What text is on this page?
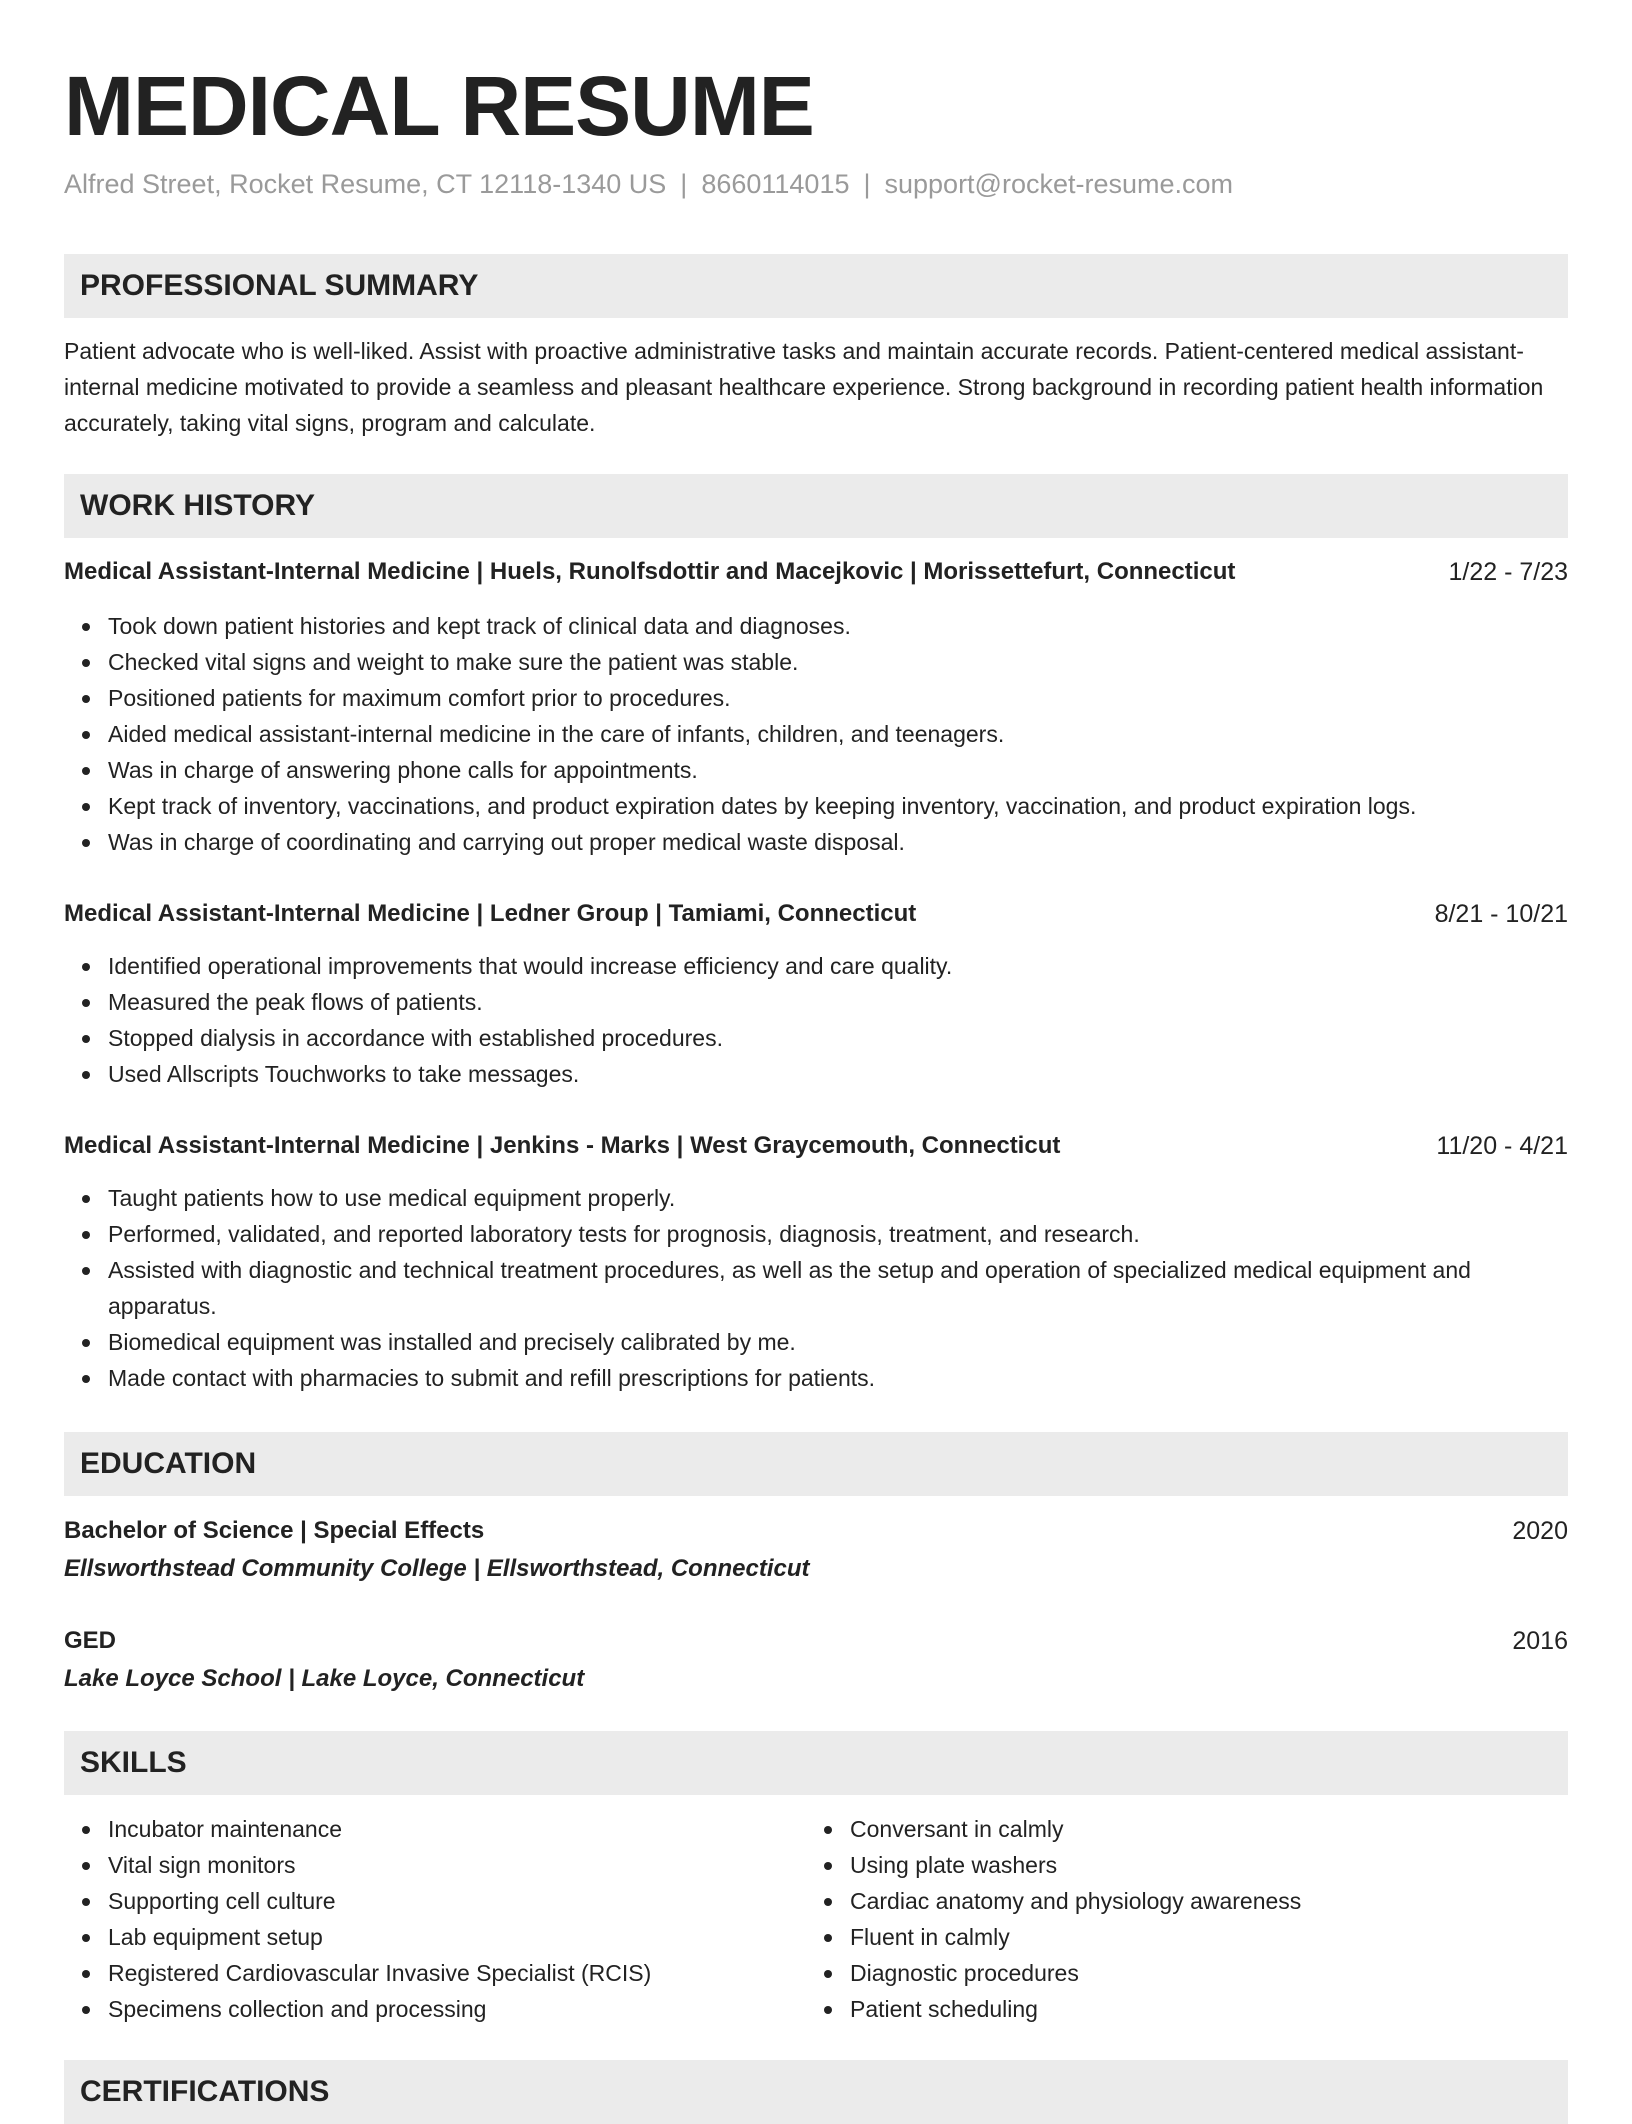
MEDICAL RESUME
Alfred Street, Rocket Resume, CT 12118-1340 US | 8660114015 | support@rocket-resume.com
PROFESSIONAL SUMMARY
Patient advocate who is well-liked. Assist with proactive administrative tasks and maintain accurate records. Patient-centered medical assistant-internal medicine motivated to provide a seamless and pleasant healthcare experience. Strong background in recording patient health information accurately, taking vital signs, program and calculate.
WORK HISTORY
Medical Assistant-Internal Medicine | Huels, Runolfsdottir and Macejkovic | Morissettefurt, Connecticut	1/22 - 7/23
Took down patient histories and kept track of clinical data and diagnoses.
Checked vital signs and weight to make sure the patient was stable.
Positioned patients for maximum comfort prior to procedures.
Aided medical assistant-internal medicine in the care of infants, children, and teenagers.
Was in charge of answering phone calls for appointments.
Kept track of inventory, vaccinations, and product expiration dates by keeping inventory, vaccination, and product expiration logs.
Was in charge of coordinating and carrying out proper medical waste disposal.
Medical Assistant-Internal Medicine | Ledner Group | Tamiami, Connecticut	8/21 - 10/21
Identified operational improvements that would increase efficiency and care quality.
Measured the peak flows of patients.
Stopped dialysis in accordance with established procedures.
Used Allscripts Touchworks to take messages.
Medical Assistant-Internal Medicine | Jenkins - Marks | West Graycemouth, Connecticut	11/20 - 4/21
Taught patients how to use medical equipment properly.
Performed, validated, and reported laboratory tests for prognosis, diagnosis, treatment, and research.
Assisted with diagnostic and technical treatment procedures, as well as the setup and operation of specialized medical equipment and apparatus.
Biomedical equipment was installed and precisely calibrated by me.
Made contact with pharmacies to submit and refill prescriptions for patients.
EDUCATION
Bachelor of Science | Special Effects	2020
Ellsworthstead Community College | Ellsworthstead, Connecticut
GED	2016
Lake Loyce School | Lake Loyce, Connecticut
SKILLS
Incubator maintenance
Vital sign monitors
Supporting cell culture
Lab equipment setup
Registered Cardiovascular Invasive Specialist (RCIS)
Specimens collection and processing
Conversant in calmly
Using plate washers
Cardiac anatomy and physiology awareness
Fluent in calmly
Diagnostic procedures
Patient scheduling
CERTIFICATIONS
